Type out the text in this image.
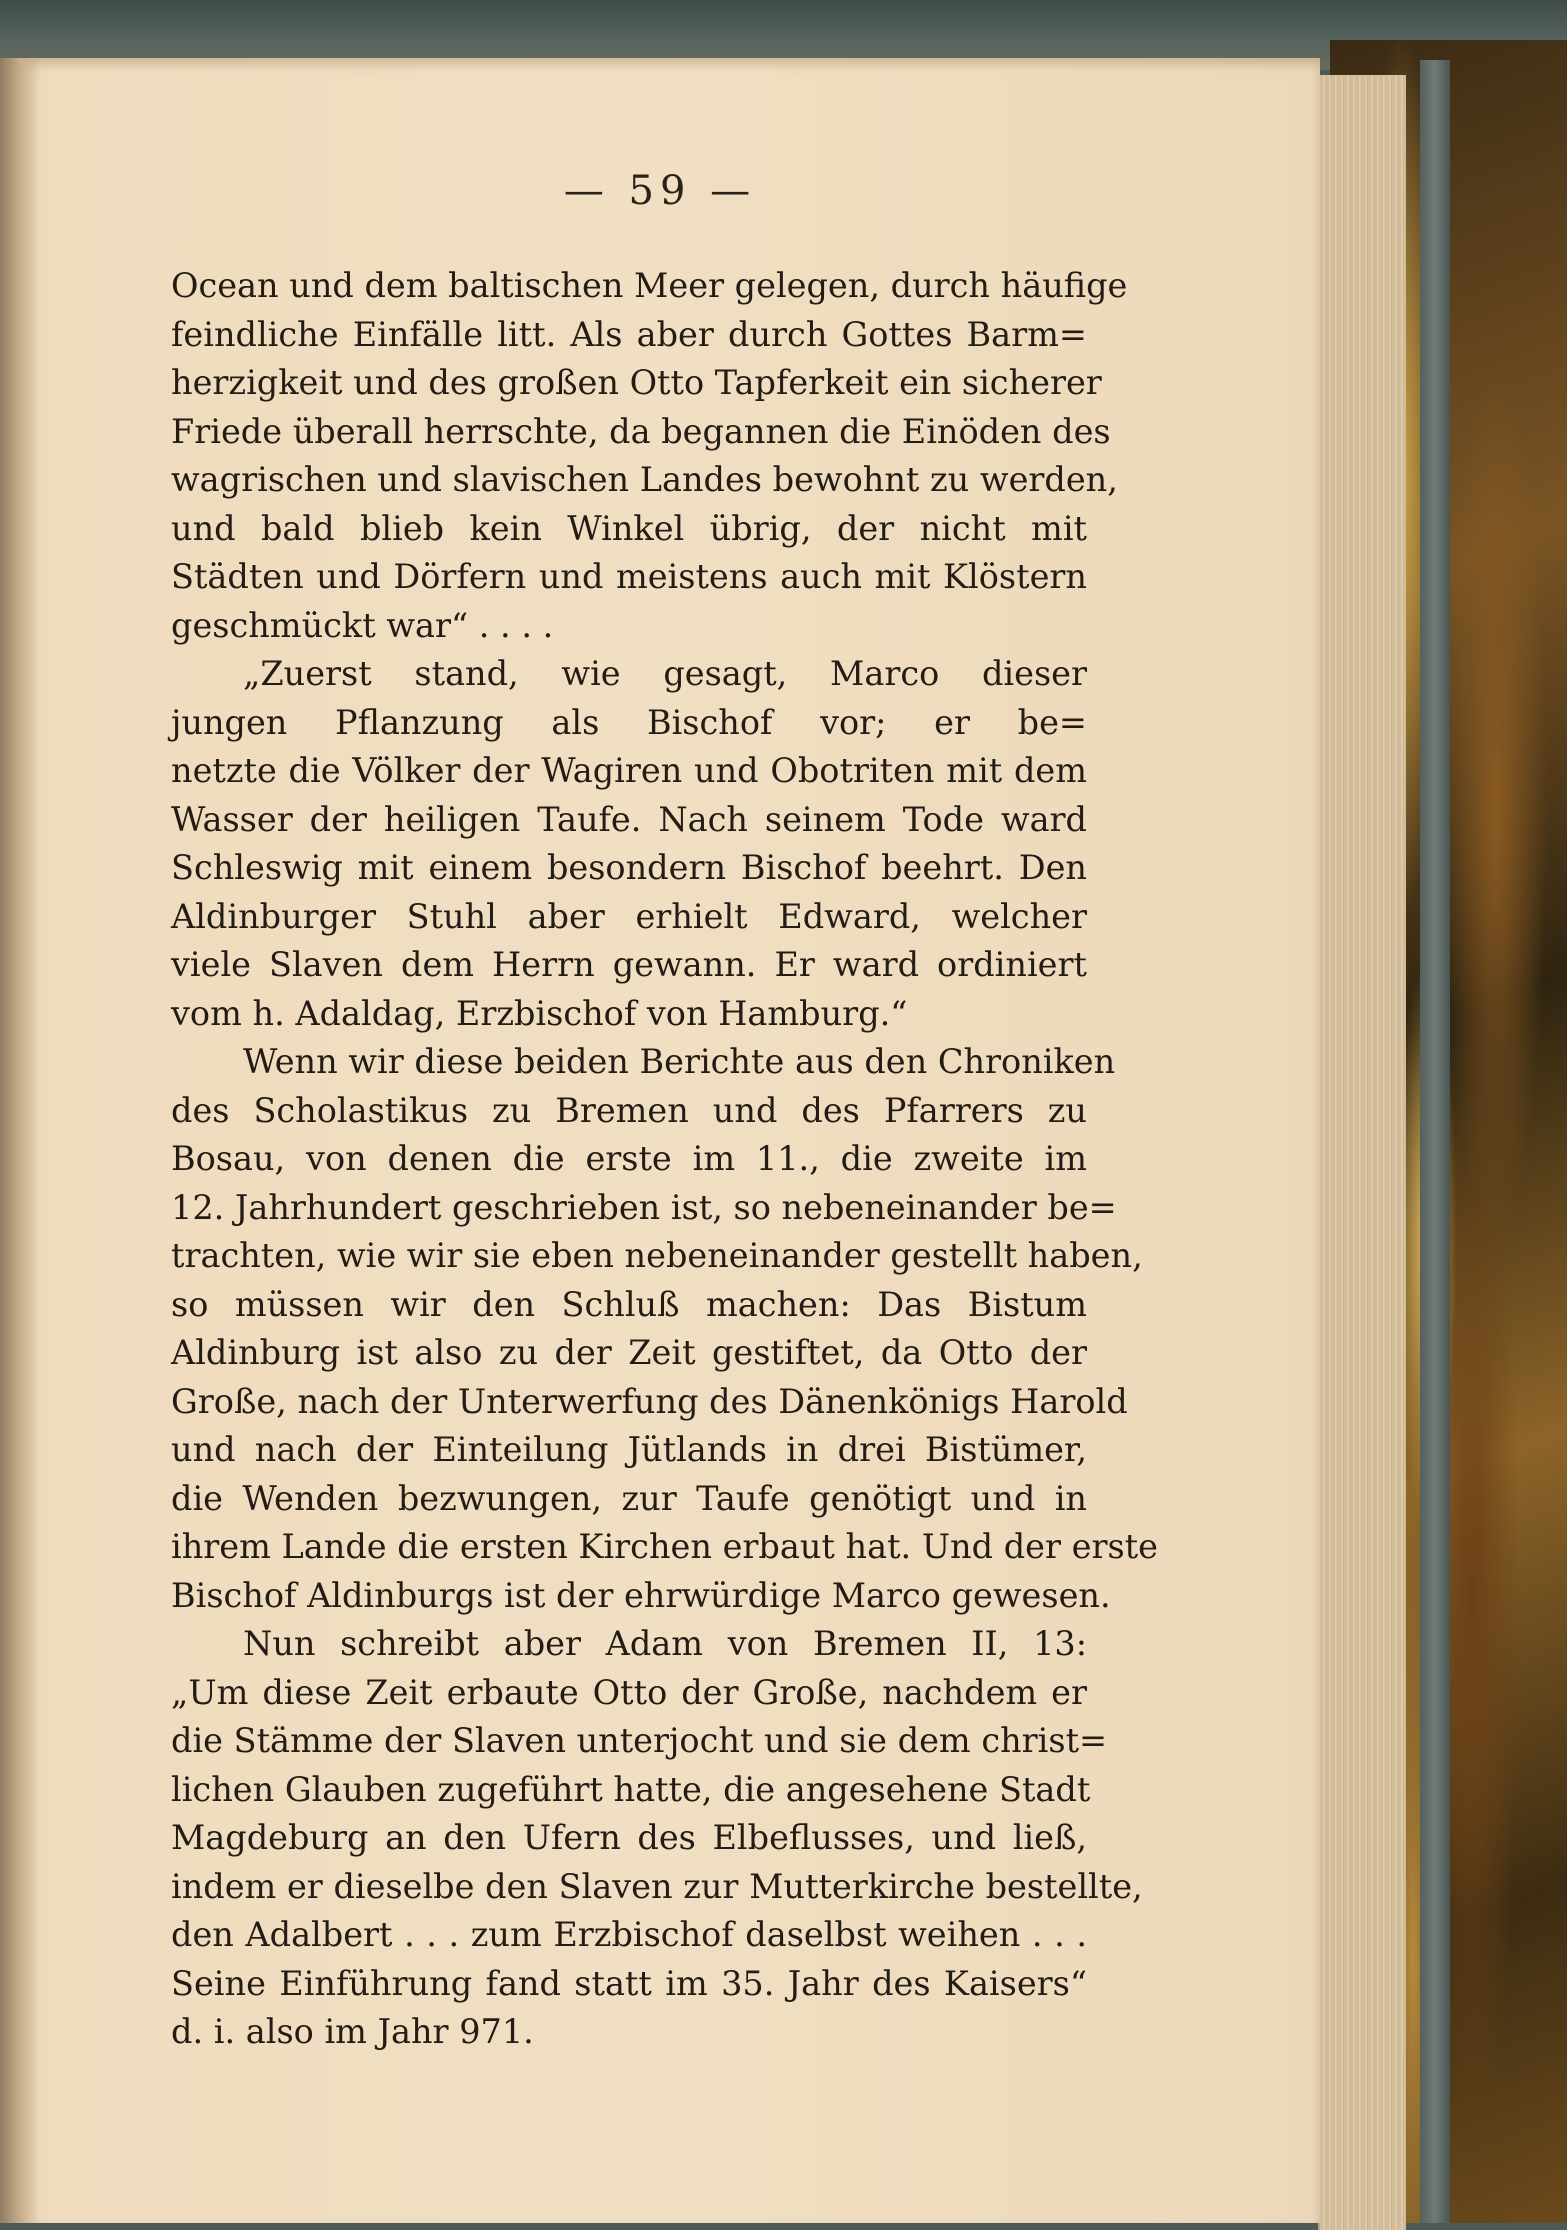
— 59 —
Ocean und dem baltischen Meer gelegen, durch häufige
feindliche Einfälle litt. Als aber durch Gottes Barm=
herzigkeit und des großen Otto Tapferkeit ein sicherer
Friede überall herrschte, da begannen die Einöden des
wagrischen und slavischen Landes bewohnt zu werden,
und bald blieb kein Winkel übrig, der nicht mit
Städten und Dörfern und meistens auch mit Klöstern
geschmückt war“ . . . .
„Zuerst stand, wie gesagt, Marco dieser
jungen Pflanzung als Bischof vor; er be=
netzte die Völker der Wagiren und Obotriten mit dem
Wasser der heiligen Taufe. Nach seinem Tode ward
Schleswig mit einem besondern Bischof beehrt. Den
Aldinburger Stuhl aber erhielt Edward, welcher
viele Slaven dem Herrn gewann. Er ward ordiniert
vom h. Adaldag, Erzbischof von Hamburg.“
Wenn wir diese beiden Berichte aus den Chroniken
des Scholastikus zu Bremen und des Pfarrers zu
Bosau, von denen die erste im 11., die zweite im
12. Jahrhundert geschrieben ist, so nebeneinander be=
trachten, wie wir sie eben nebeneinander gestellt haben,
so müssen wir den Schluß machen: Das Bistum
Aldinburg ist also zu der Zeit gestiftet, da Otto der
Große, nach der Unterwerfung des Dänenkönigs Harold
und nach der Einteilung Jütlands in drei Bistümer,
die Wenden bezwungen, zur Taufe genötigt und in
ihrem Lande die ersten Kirchen erbaut hat. Und der erste
Bischof Aldinburgs ist der ehrwürdige Marco gewesen.
Nun schreibt aber Adam von Bremen II, 13:
„Um diese Zeit erbaute Otto der Große, nachdem er
die Stämme der Slaven unterjocht und sie dem christ=
lichen Glauben zugeführt hatte, die angesehene Stadt
Magdeburg an den Ufern des Elbeflusses, und ließ,
indem er dieselbe den Slaven zur Mutterkirche bestellte,
den Adalbert . . . zum Erzbischof daselbst weihen . . .
Seine Einführung fand statt im 35. Jahr des Kaisers“
d. i. also im Jahr 971.
